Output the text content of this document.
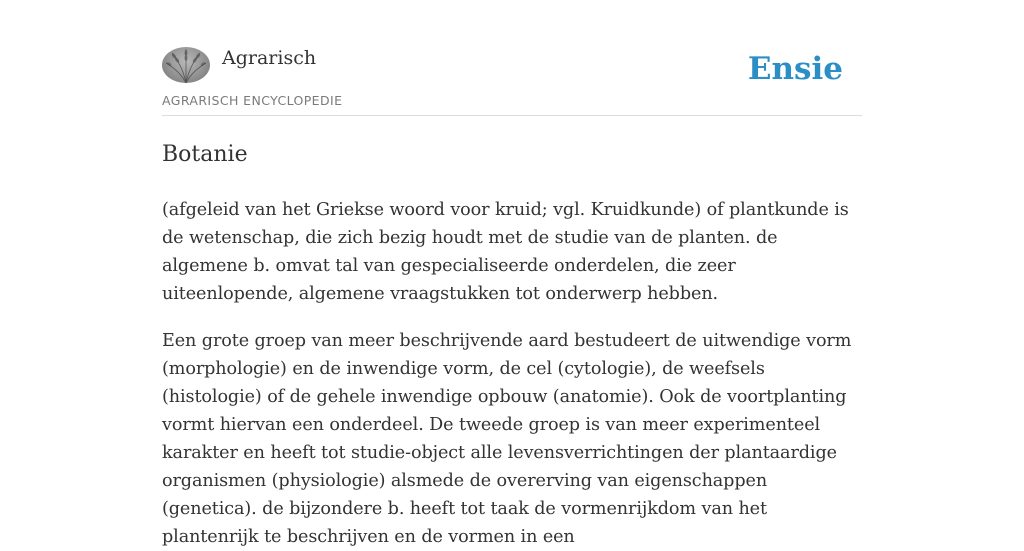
Agrarisch
AGRARISCH ENCYCLOPEDIE
Ensie
Botanie

(afgeleid van het Griekse woord voor kruid; vgl. Kruidkunde) of plantkunde is de wetenschap, die zich bezig houdt met de studie van de planten. de algemene b. omvat tal van gespecialiseerde onderdelen, die zeer uiteenlopende, algemene vraagstukken tot onderwerp hebben.

Een grote groep van meer beschrijvende aard bestudeert de uitwendige vorm (morphologie) en de inwendige vorm, de cel (cytologie), de weefsels (histologie) of de gehele inwendige opbouw (anatomie). Ook de voortplanting vormt hiervan een onderdeel. De tweede groep is van meer experimenteel karakter en heeft tot studie-object alle levensverrichtingen der plantaardige organismen (physiologie) alsmede de overerving van eigenschappen (genetica). de bijzondere b. heeft tot taak de vormenrijkdom van het plantenrijk te beschrijven en de vormen in een
